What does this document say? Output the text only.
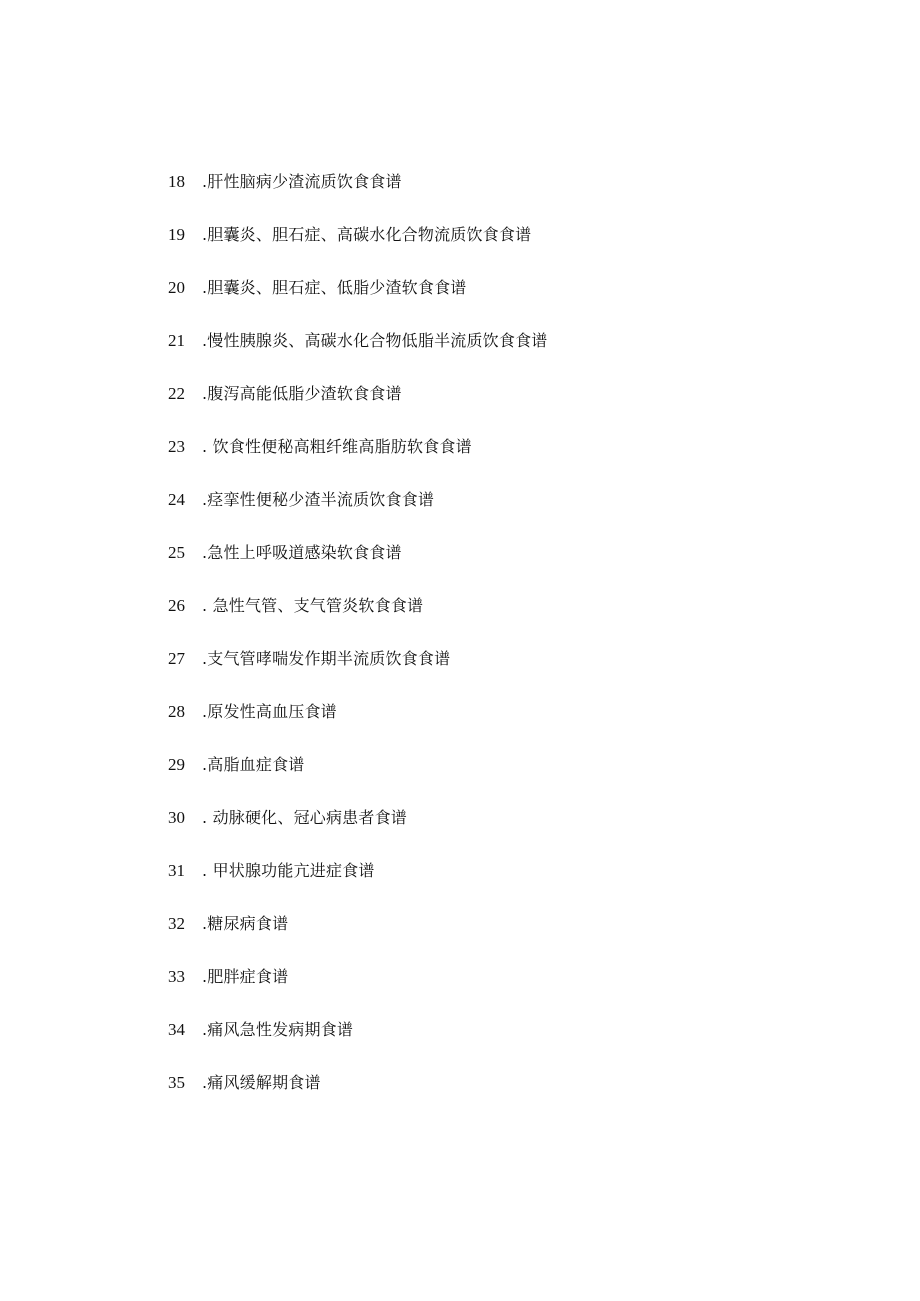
18	.肝性脑病少渣流质饮食食谱
19	.胆囊炎、胆石症、高碳水化合物流质饮食食谱
20	.胆囊炎、胆石症、低脂少渣软食食谱
21	.慢性胰腺炎、高碳水化合物低脂半流质饮食食谱
22	.腹泻高能低脂少渣软食食谱
23	. 饮食性便秘高粗纤维高脂肪软食食谱
24	.痉挛性便秘少渣半流质饮食食谱
25	.急性上呼吸道感染软食食谱
26	. 急性气管、支气管炎软食食谱
27	.支气管哮喘发作期半流质饮食食谱
28	.原发性高血压食谱
29	.高脂血症食谱
30	. 动脉硬化、冠心病患者食谱
31	. 甲状腺功能亢进症食谱
32	.糖尿病食谱
33	.肥胖症食谱
34	.痛风急性发病期食谱
35	.痛风缓解期食谱
